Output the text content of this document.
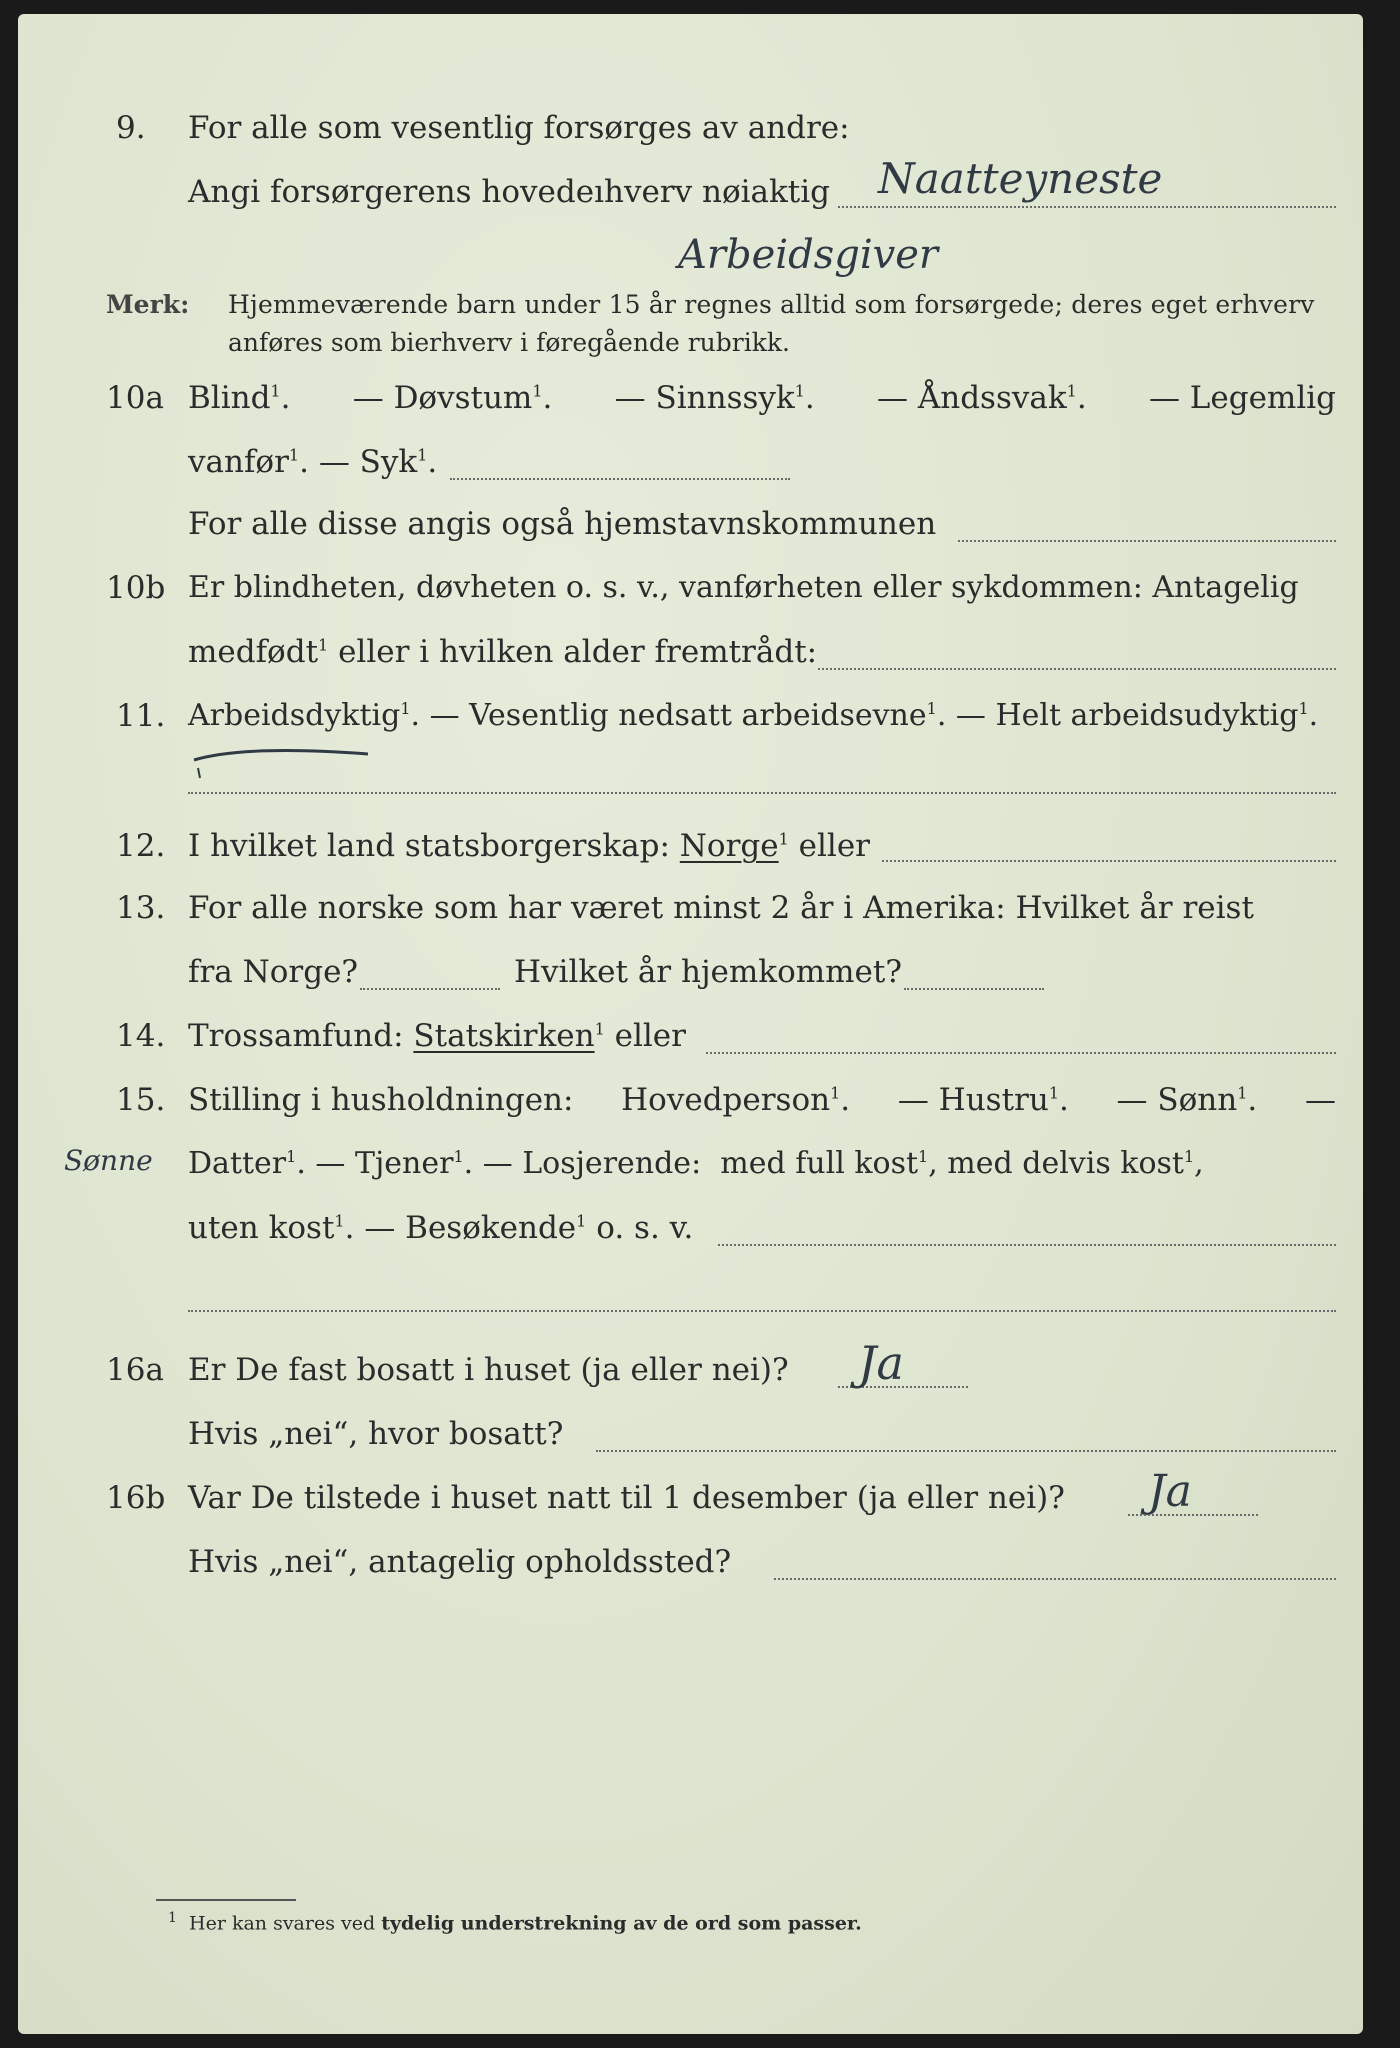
9. For alle som vesentlig forsørges av andre:
Angi forsørgerens hovedeıhverv nøiaktig Naatteyneste
Arbeidsgiver
Merk: Hjemmeværende barn under 15 år regnes alltid som forsørgede; deres eget erhverv
anføres som bierhverv i føregående rubrikk.
10a Blind$^1$. — Døvstum$^1$. — Sinnssyk$^1$. — Åndssvak$^1$. — Legemlig
vanfør$^1$. — Syk$^1$.
For alle disse angis også hjemstavnskommunen
10b Er blindheten, døvheten o. s. v., vanførheten eller sykdommen: Antagelig
medfødt$^1$ eller i hvilken alder fremtrådt:
11. Arbeidsdyktig$^1$. — Vesentlig nedsatt arbeidsevne$^1$. — Helt arbeidsudyktig$^1$.
12. I hvilket land statsborgerskap: Norge$^1$ eller
13. For alle norske som har været minst 2 år i Amerika: Hvilket år reist
fra Norge?	Hvilket år hjemkommet?
14. Trossamfund: Statskirken$^1$ eller
15. Stilling i husholdningen: Hovedperson$^1$. — Hustru$^1$. — Sønn$^1$. —
Sønne Datter$^1$. — Tjener$^1$. — Losjerende: med full kost$^1$, med delvis kost$^1$,
uten kost$^1$. — Besøkende$^1$ o. s. v.
16a Er De fast bosatt i huset (ja eller nei)? Ja
Hvis „nei“, hvor bosatt?
16b Var De tilstede i huset natt til 1 desember (ja eller nei)? Ja
Hvis „nei“, antagelig opholdssted?
$^1$ Her kan svares ved tydelig understrekning av de ord som passer.
